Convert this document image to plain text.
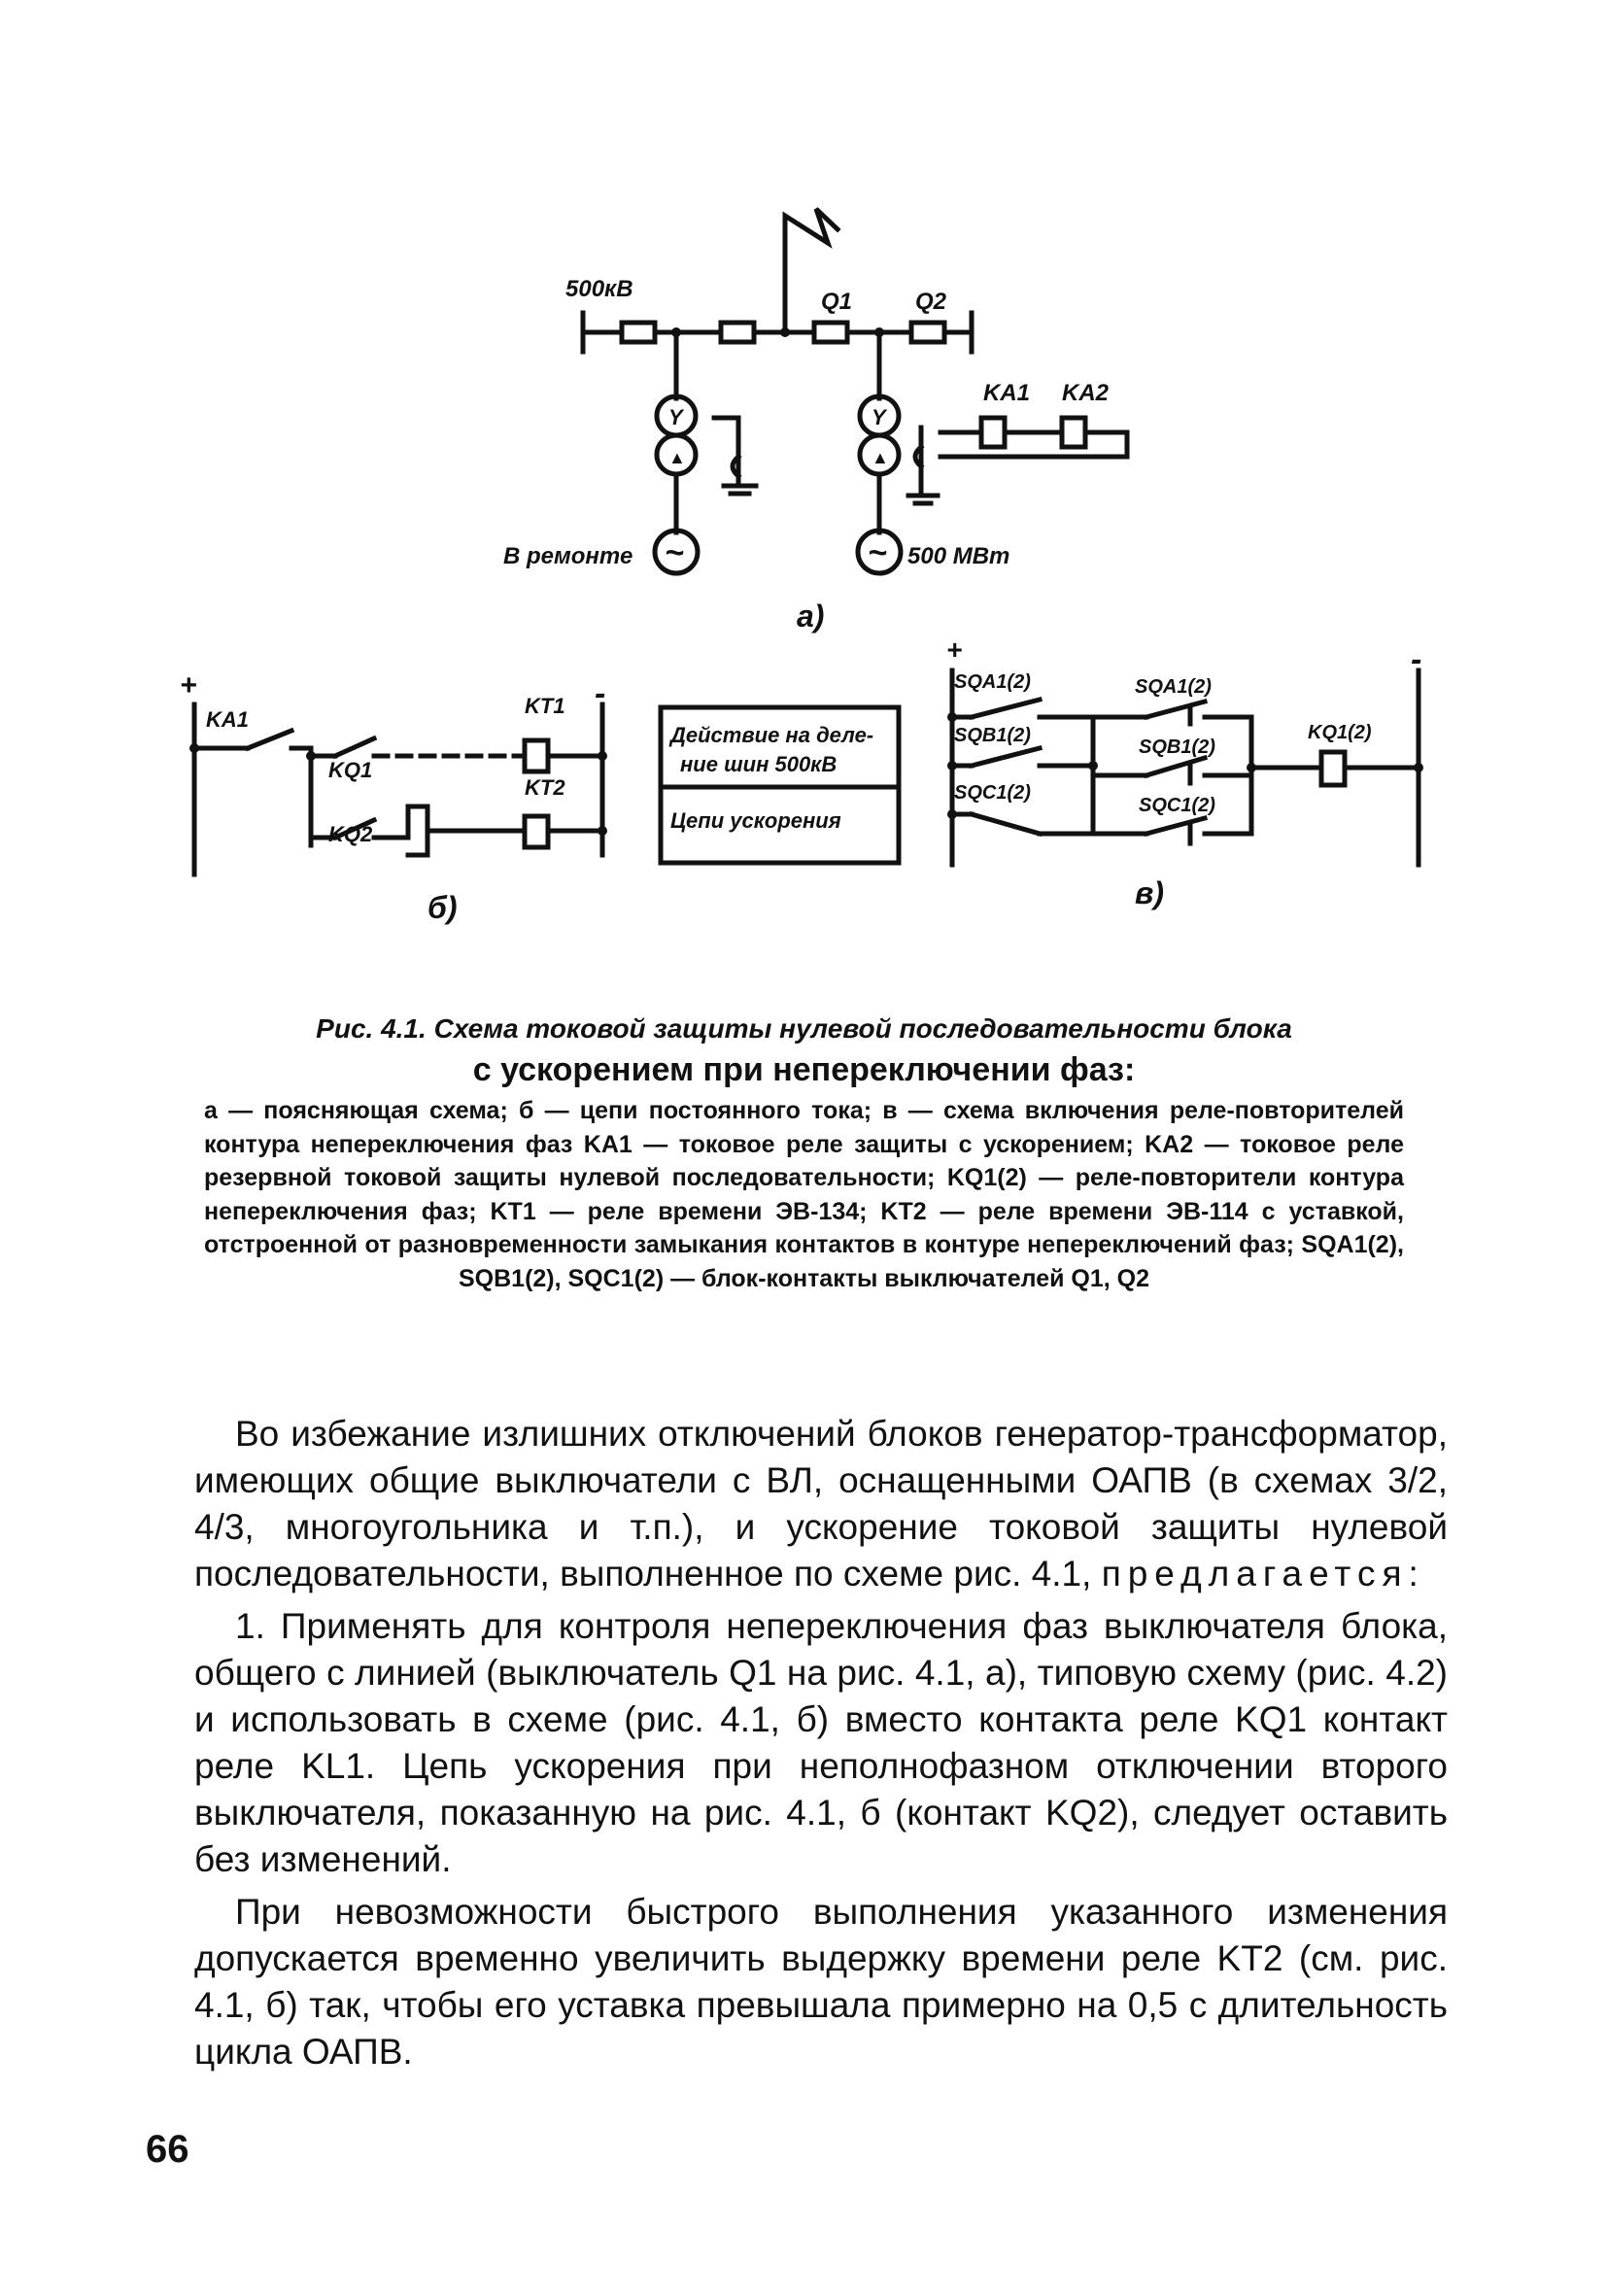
500кВ	Q1	Q2
KA1 KA2
В ремонте	500 МВт
Y
▲
Y
▲
~	~
а)
+	-
KA1
KQ1
KQ2
KT1
KT2
б)
Действие на деле-
ние шин 500кВ
Цепи ускорения
+	-
SQA1(2)
SQB1(2)
SQC1(2)
SQA1(2)
SQB1(2)
SQC1(2)
KQ1(2)
в)
Рис. 4.1. Схема токовой защиты нулевой последовательности блока
с ускорением при непереключении фаз:
а — поясняющая схема; б — цепи постоянного тока; в — схема включения реле-повторителей контура непереключения фаз KA1 — токовое реле защиты с ускорением; KA2 — токовое реле резервной токовой защиты нулевой последовательности; KQ1(2) — реле-повторители контура непереключения фаз; KT1 — реле времени ЭВ-134; KT2 — реле времени ЭВ-114 с уставкой, отстроенной от разновременности замыкания контактов в контуре непереключений фаз; SQA1(2), SQB1(2), SQC1(2) — блок-контакты выключателей Q1, Q2

Во избежание излишних отключений блоков генератор-трансформатор, имеющих общие выключатели с ВЛ, оснащенными ОАПВ (в схемах 3/2, 4/3, многоугольника и т.п.), и ускорение токовой защиты нулевой последовательности, выполненное по схеме рис. 4.1, предлагается:

1. Применять для контроля непереключения фаз выключателя блока, общего с линией (выключатель Q1 на рис. 4.1, а), типовую схему (рис. 4.2) и использовать в схеме (рис. 4.1, б) вместо контакта реле KQ1 контакт реле KL1. Цепь ускорения при неполнофазном отключении второго выключателя, показанную на рис. 4.1, б (контакт KQ2), следует оставить без изменений.

При невозможности быстрого выполнения указанного изменения допускается временно увеличить выдержку времени реле KT2 (см. рис. 4.1, б) так, чтобы его уставка превышала примерно на 0,5 с длительность цикла ОАПВ.

66
